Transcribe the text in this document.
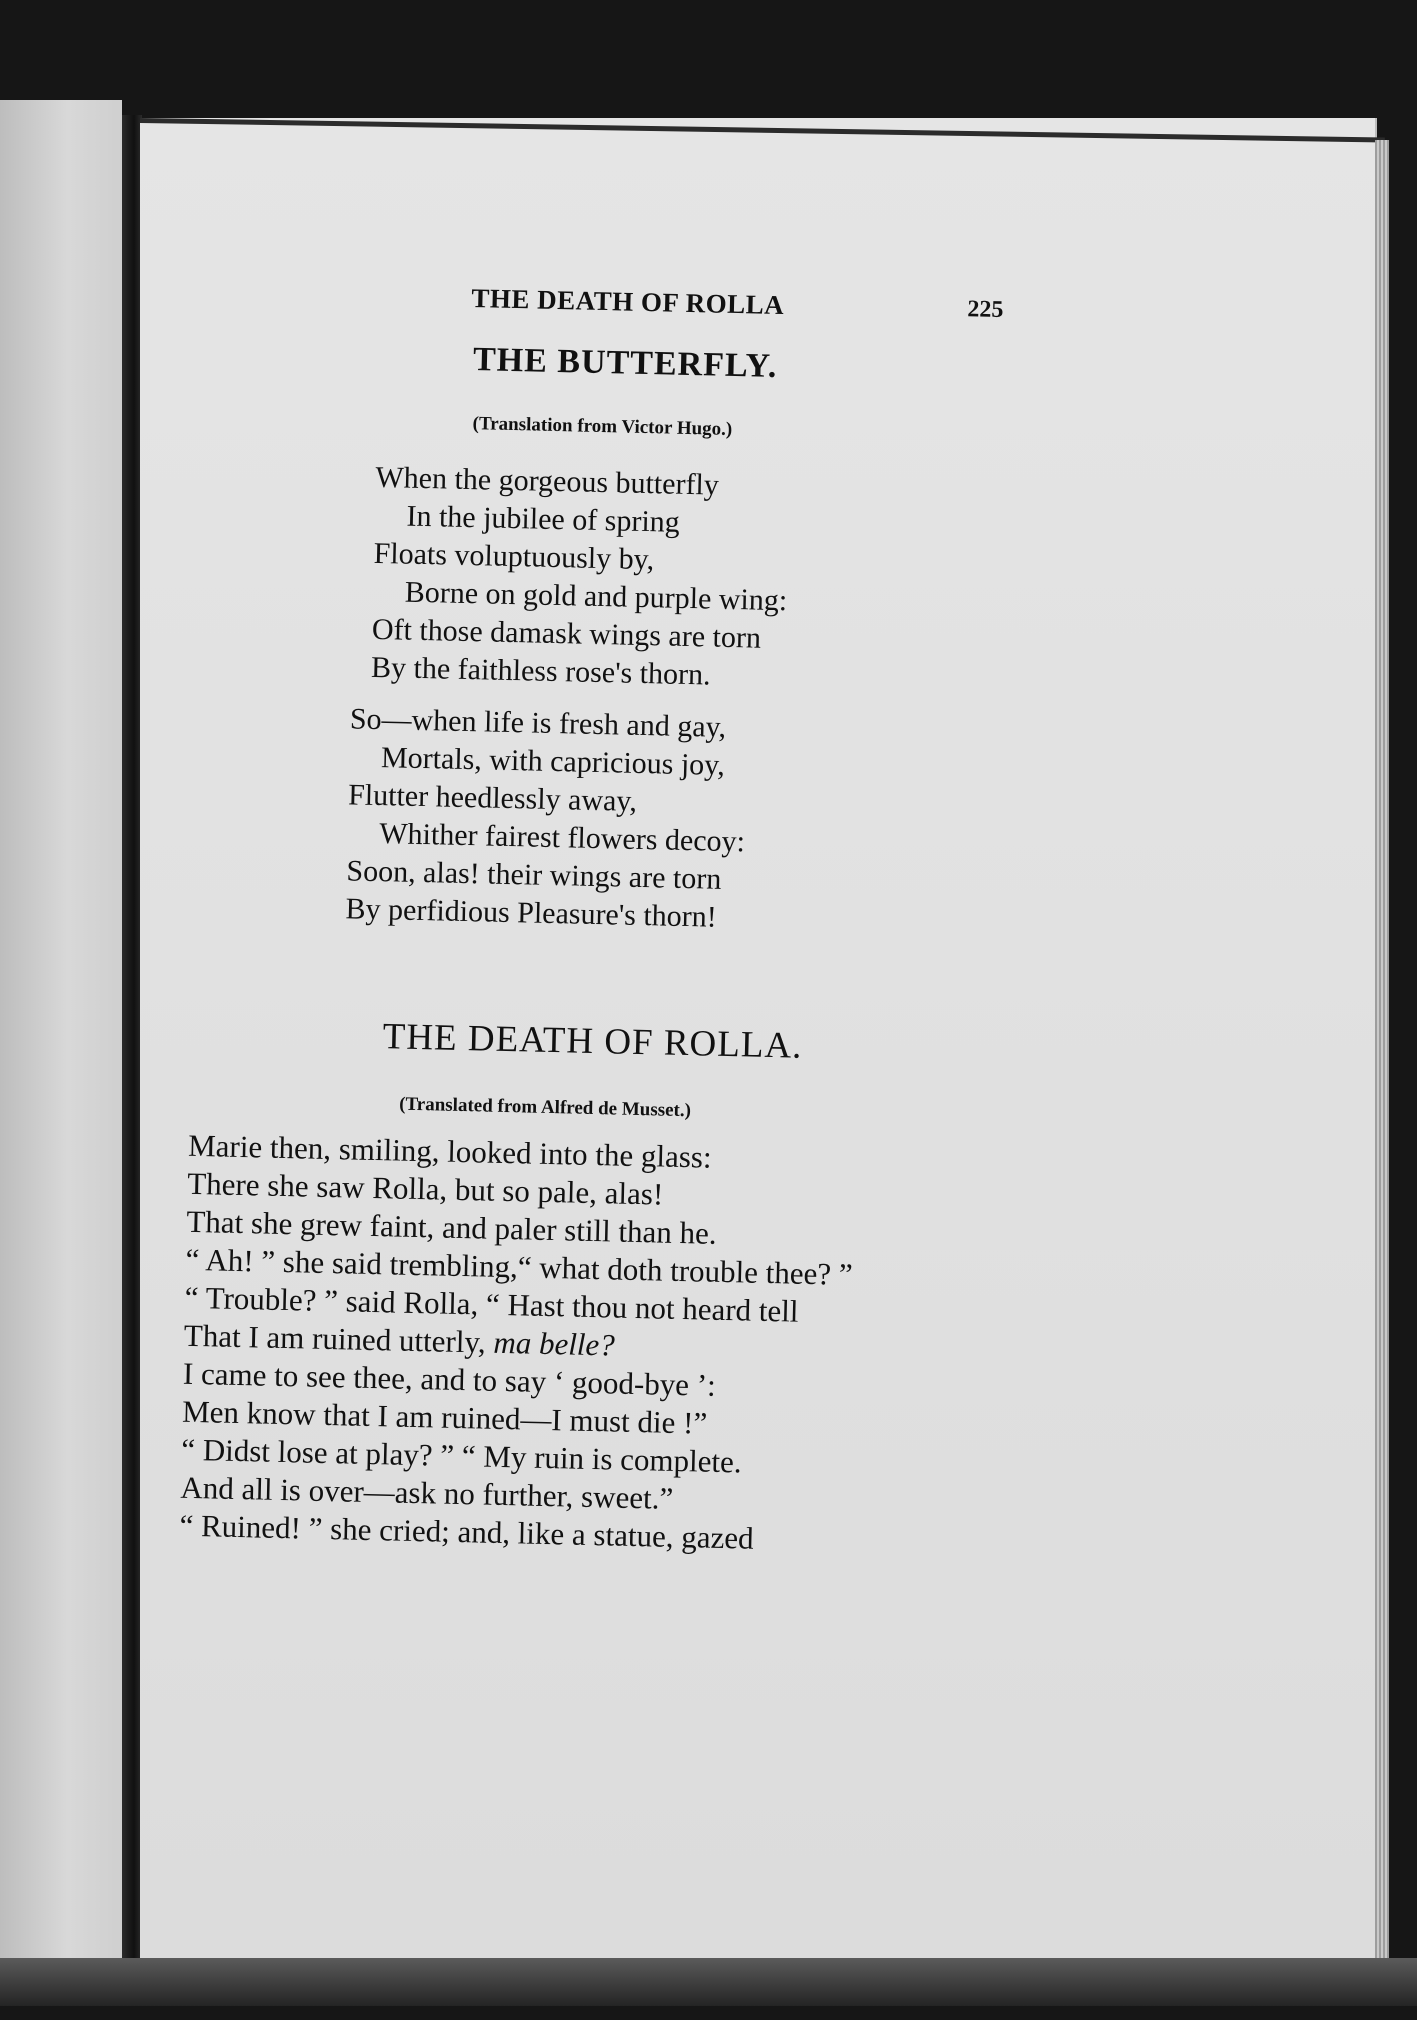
THE DEATH OF ROLLA	225
THE BUTTERFLY.
(Translation from Victor Hugo.)
When the gorgeous butterfly
In the jubilee of spring
Floats voluptuously by,
Borne on gold and purple wing:
Oft those damask wings are torn
By the faithless rose's thorn.
So—when life is fresh and gay,
Mortals, with capricious joy,
Flutter heedlessly away,
Whither fairest flowers decoy:
Soon, alas! their wings are torn
By perfidious Pleasure's thorn!
THE DEATH OF ROLLA.
(Translated from Alfred de Musset.)
Marie then, smiling, looked into the glass:
There she saw Rolla, but so pale, alas!
That she grew faint, and paler still than he.
“ Ah! ” she said trembling,“ what doth trouble thee? ”
“ Trouble? ” said Rolla, “ Hast thou not heard tell
That I am ruined utterly, ma belle?
I came to see thee, and to say ‘ good-bye ’:
Men know that I am ruined—I must die !”
“ Didst lose at play? ” “ My ruin is complete.
And all is over—ask no further, sweet.”
“ Ruined! ” she cried; and, like a statue, gazed
